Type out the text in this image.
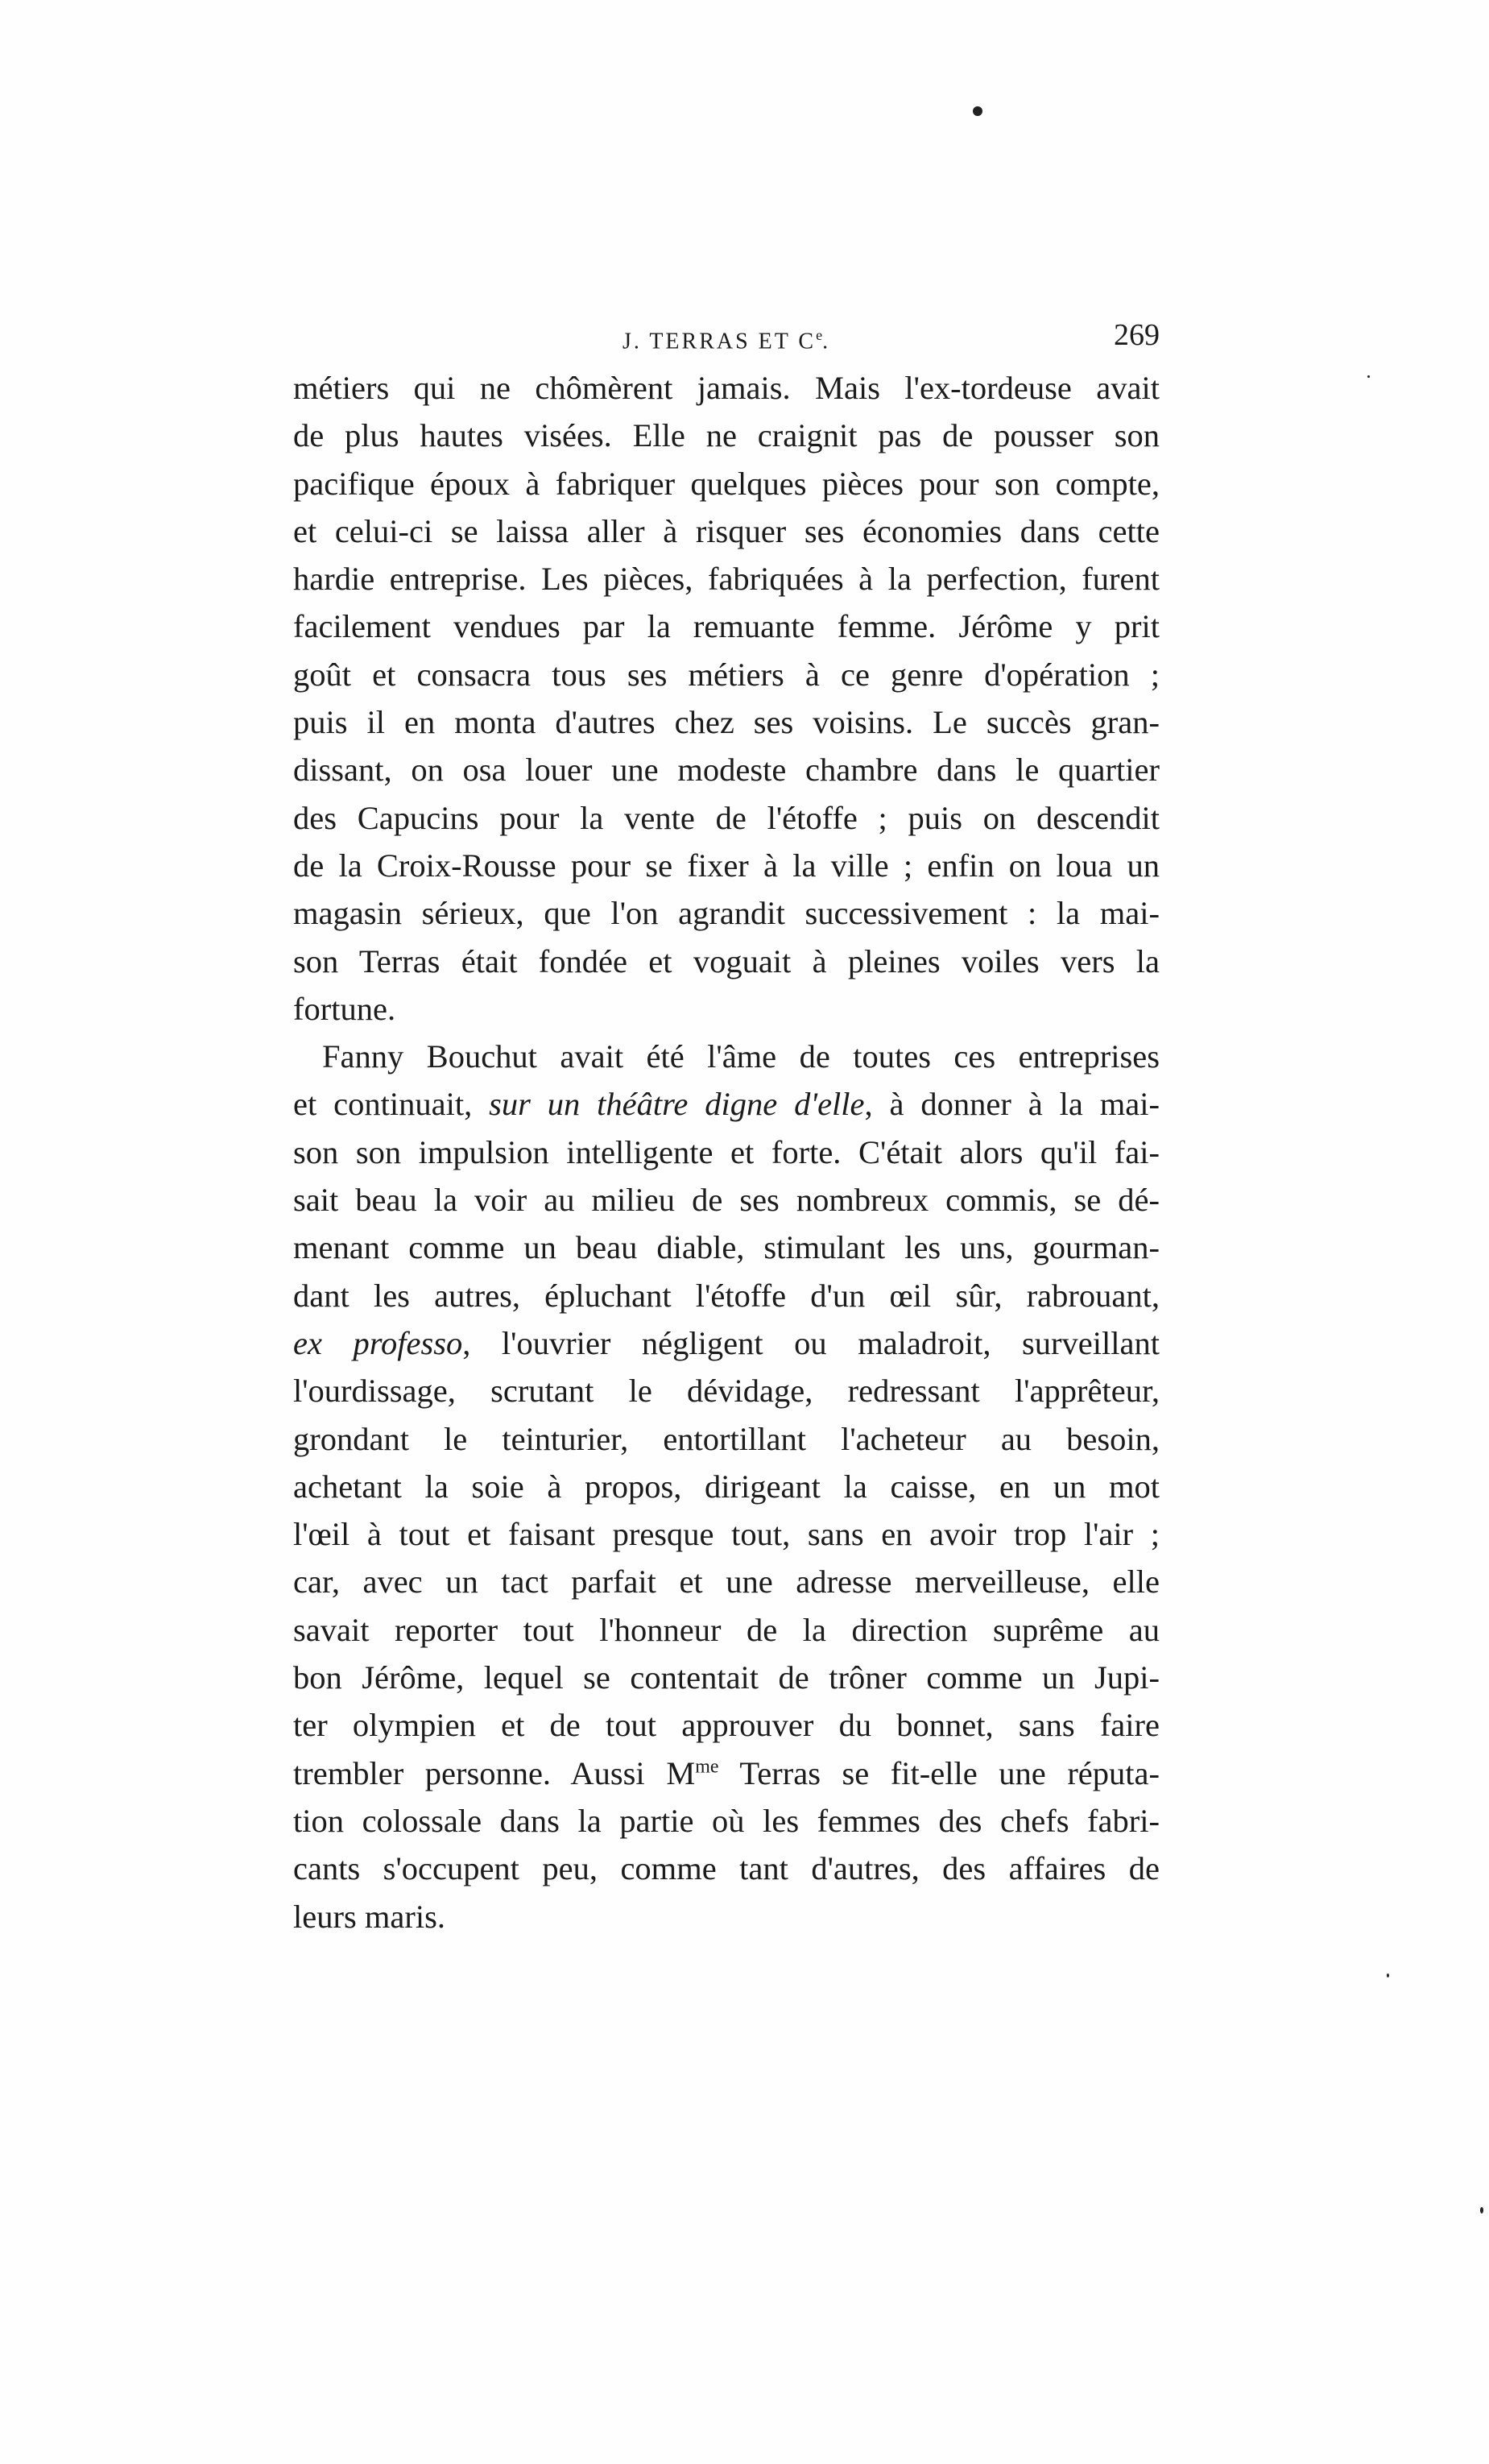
J. TERRAS ET Ce.	269
métiers qui ne chômèrent jamais. Mais l'ex-tordeuse avait
de plus hautes visées. Elle ne craignit pas de pousser son
pacifique époux à fabriquer quelques pièces pour son compte,
et celui-ci se laissa aller à risquer ses économies dans cette
hardie entreprise. Les pièces, fabriquées à la perfection, furent
facilement vendues par la remuante femme. Jérôme y prit
goût et consacra tous ses métiers à ce genre d'opération ;
puis il en monta d'autres chez ses voisins. Le succès gran-
dissant, on osa louer une modeste chambre dans le quartier
des Capucins pour la vente de l'étoffe ; puis on descendit
de la Croix-Rousse pour se fixer à la ville ; enfin on loua un
magasin sérieux, que l'on agrandit successivement : la mai-
son Terras était fondée et voguait à pleines voiles vers la
fortune.
Fanny Bouchut avait été l'âme de toutes ces entreprises
et continuait, sur un théâtre digne d'elle, à donner à la mai-
son son impulsion intelligente et forte. C'était alors qu'il fai-
sait beau la voir au milieu de ses nombreux commis, se dé-
menant comme un beau diable, stimulant les uns, gourman-
dant les autres, épluchant l'étoffe d'un œil sûr, rabrouant,
ex professo, l'ouvrier négligent ou maladroit, surveillant
l'ourdissage, scrutant le dévidage, redressant l'apprêteur,
grondant le teinturier, entortillant l'acheteur au besoin,
achetant la soie à propos, dirigeant la caisse, en un mot
l'œil à tout et faisant presque tout, sans en avoir trop l'air ;
car, avec un tact parfait et une adresse merveilleuse, elle
savait reporter tout l'honneur de la direction suprême au
bon Jérôme, lequel se contentait de trôner comme un Jupi-
ter olympien et de tout approuver du bonnet, sans faire
trembler personne. Aussi $M^{me}$ Terras se fit-elle une réputa-
tion colossale dans la partie où les femmes des chefs fabri-
cants s'occupent peu, comme tant d'autres, des affaires de
leurs maris.
